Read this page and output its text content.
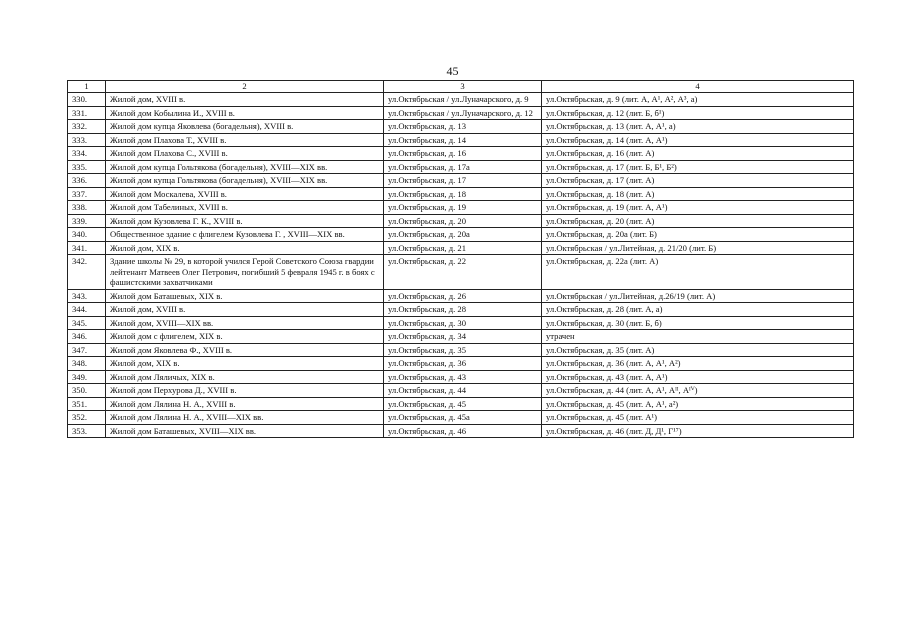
45
1	2	3	4
330.	Жилой дом, XVIII в.	ул.Октябрьская / ул.Луначарского, д. 9	ул.Октябрьская, д. 9 (лит. А, А¹, А², А³, а)
331.	Жилой дом Кобылина И., XVIII в.	ул.Октябрьская / ул.Луначарского, д. 12	ул.Октябрьская, д. 12 (лит. Б, б¹)
332.	Жилой дом купца Яковлева (богадельня), XVIII в.	ул.Октябрьская, д. 13	ул.Октябрьская, д. 13 (лит. А, А¹, а)
333.	Жилой дом Плахова Т., XVIII в.	ул.Октябрьская, д. 14	ул.Октябрьская, д. 14 (лит. А, А¹)
334.	Жилой дом Плахова С., XVIII в.	ул.Октябрьская, д. 16	ул.Октябрьская, д. 16 (лит. А)
335.	Жилой дом купца Гольтякова (богадельня), XVIII—XIX вв.	ул.Октябрьская, д. 17а	ул.Октябрьская, д. 17 (лит. Б, Б¹, Б²)
336.	Жилой дом купца Гольтякова (богадельня), XVIII—XIX вв.	ул.Октябрьская, д. 17	ул.Октябрьская, д. 17 (лит. А)
337.	Жилой дом Москалева, XVIII в.	ул.Октябрьская, д. 18	ул.Октябрьская, д. 18 (лит. А)
338.	Жилой дом Табелиных, XVIII в.	ул.Октябрьская, д. 19	ул.Октябрьская, д. 19 (лит. А, А¹)
339.	Жилой дом Кузовлева Г. К., XVIII в.	ул.Октябрьская, д. 20	ул.Октябрьская, д. 20 (лит. А)
340.	Общественное здание с флигелем Кузовлева Г. , XVIII—XIX вв.	ул.Октябрьская, д. 20а	ул.Октябрьская, д. 20а (лит. Б)
341.	Жилой дом, XIX в.	ул.Октябрьская, д. 21	ул.Октябрьская / ул.Литейная, д. 21/20 (лит. Б)
342.	Здание школы № 29, в которой учился Герой Советского Союза гвардии лейтенант Матвеев Олег Петрович, погибший 5 февраля 1945 г. в боях с фашистскими захватчиками	ул.Октябрьская, д. 22	ул.Октябрьская, д. 22а (лит. А)
343.	Жилой дом Баташевых, XIX в.	ул.Октябрьская, д. 26	ул.Октябрьская / ул.Литейная, д.26/19 (лит. А)
344.	Жилой дом, XVIII в.	ул.Октябрьская, д. 28	ул.Октябрьская, д. 28 (лит. А, а)
345.	Жилой дом, XVIII—XIX вв.	ул.Октябрьская, д. 30	ул.Октябрьская, д. 30 (лит. Б, б)
346.	Жилой дом с флигелем, XIX в.	ул.Октябрьская, д. 34	утрачен
347.	Жилой дом Яковлева Ф., XVIII в.	ул.Октябрьская, д. 35	ул.Октябрьская, д. 35 (лит. А)
348.	Жилой дом, XIX в.	ул.Октябрьская, д. 36	ул.Октябрьская, д. 36 (лит. А, А¹, А²)
349.	Жилой дом Ляличых, XIX в.	ул.Октябрьская, д. 43	ул.Октябрьская, д. 43 (лит. А, А¹)
350.	Жилой дом Перхурова Д., XVIII в.	ул.Октябрьская, д. 44	ул.Октябрьская, д. 44 (лит. А, А¹, Аᴵᴵ, Аᴵⱽ)
351.	Жилой дом Лялина Н. А., XVIII в.	ул.Октябрьская, д. 45	ул.Октябрьская, д. 45 (лит. А, А¹, а²)
352.	Жилой дом Лялина Н. А., XVIII—XIX вв.	ул.Октябрьская, д. 45а	ул.Октябрьская, д. 45 (лит. А¹)
353.	Жилой дом Баташевых, XVIII—XIX вв.	ул.Октябрьская, д. 46	ул.Октябрьская, д. 46 (лит. Д, Д¹, Г¹⁷)
